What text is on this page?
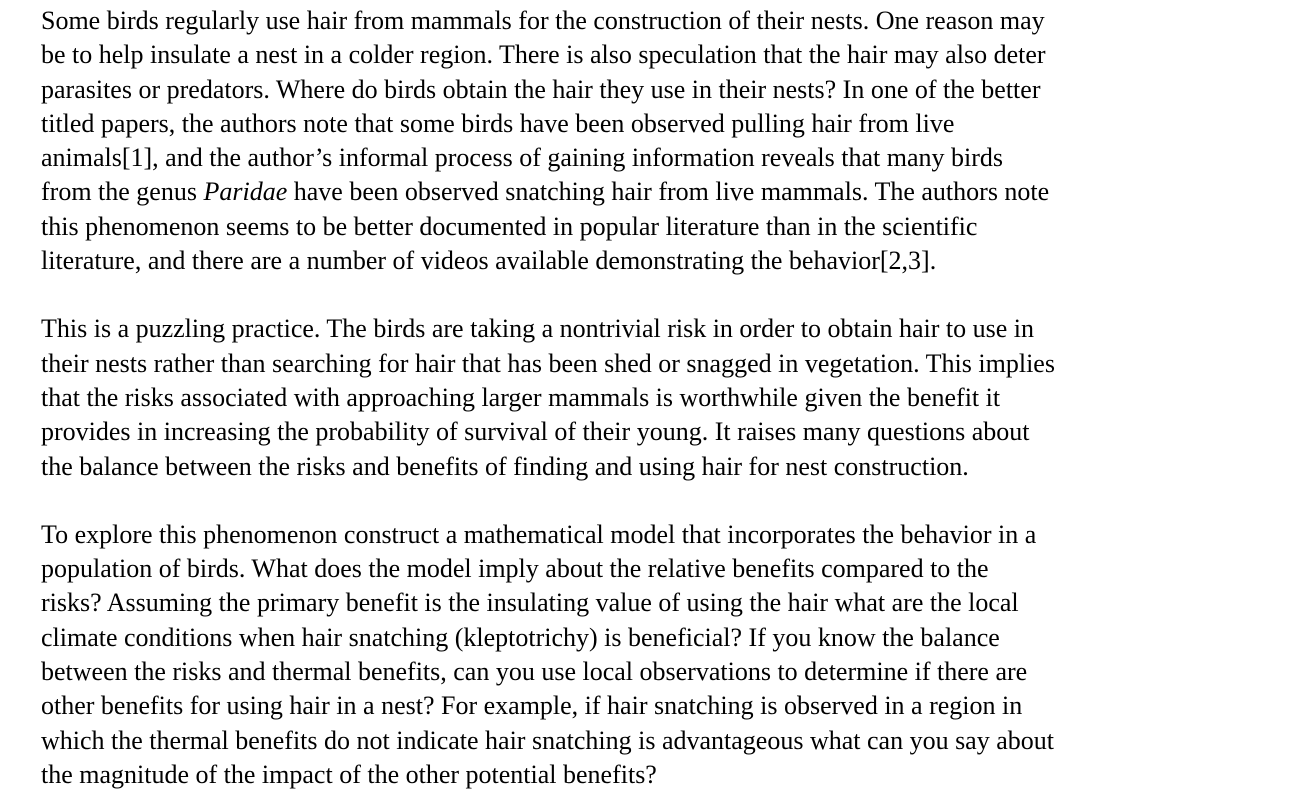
Some birds regularly use hair from mammals for the construction of their nests. One reason may
be to help insulate a nest in a colder region. There is also speculation that the hair may also deter
parasites or predators. Where do birds obtain the hair they use in their nests? In one of the better
titled papers, the authors note that some birds have been observed pulling hair from live
animals[1], and the author’s informal process of gaining information reveals that many birds
from the genus Paridae have been observed snatching hair from live mammals. The authors note
this phenomenon seems to be better documented in popular literature than in the scientific
literature, and there are a number of videos available demonstrating the behavior[2,3].

This is a puzzling practice. The birds are taking a nontrivial risk in order to obtain hair to use in
their nests rather than searching for hair that has been shed or snagged in vegetation. This implies
that the risks associated with approaching larger mammals is worthwhile given the benefit it
provides in increasing the probability of survival of their young. It raises many questions about
the balance between the risks and benefits of finding and using hair for nest construction.

To explore this phenomenon construct a mathematical model that incorporates the behavior in a
population of birds. What does the model imply about the relative benefits compared to the
risks? Assuming the primary benefit is the insulating value of using the hair what are the local
climate conditions when hair snatching (kleptotrichy) is beneficial? If you know the balance
between the risks and thermal benefits, can you use local observations to determine if there are
other benefits for using hair in a nest? For example, if hair snatching is observed in a region in
which the thermal benefits do not indicate hair snatching is advantageous what can you say about
the magnitude of the impact of the other potential benefits?
